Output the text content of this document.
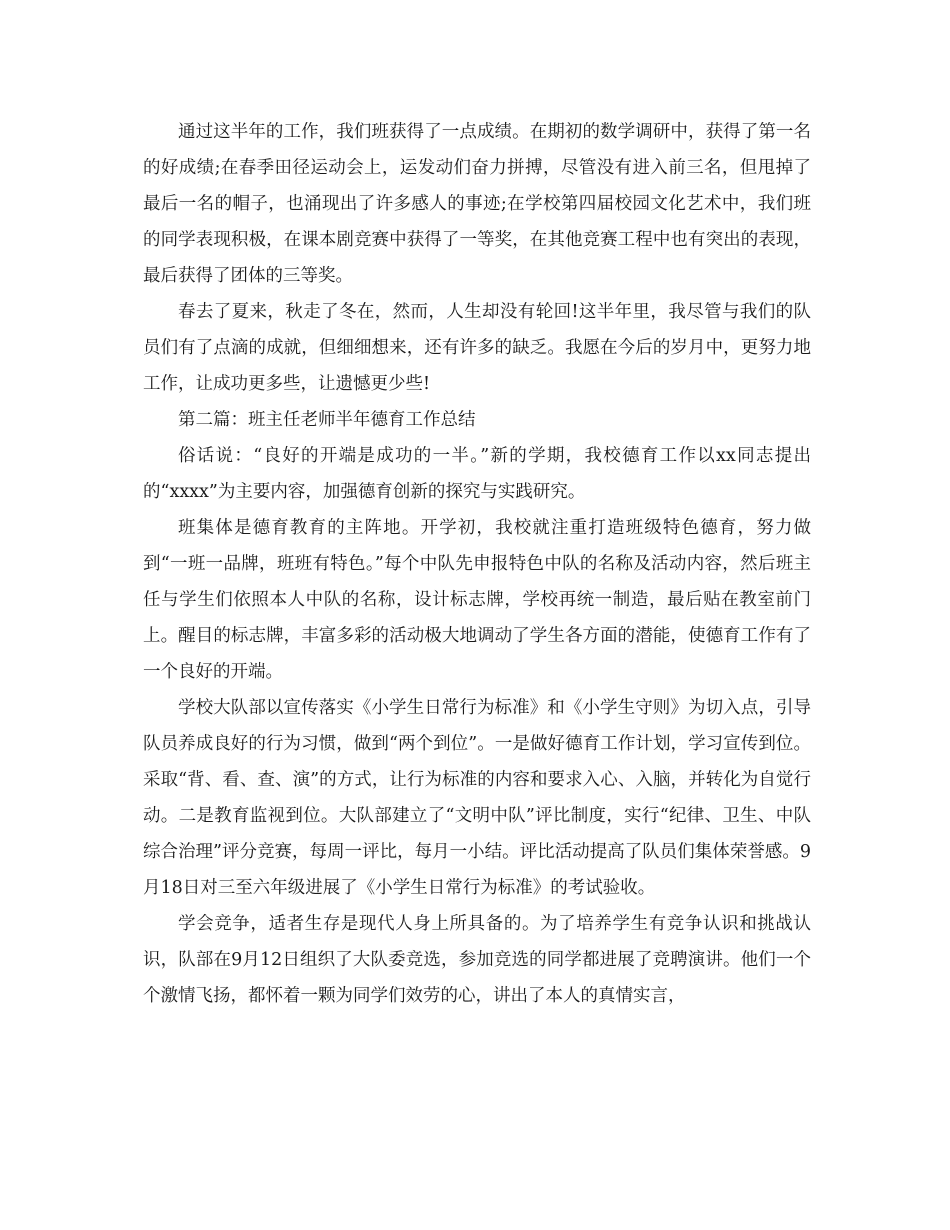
通过这半年的工作，我们班获得了一点成绩。在期初的数学调研中，获得了第一名的好成绩;在春季田径运动会上，运发动们奋力拼搏，尽管没有进入前三名，但甩掉了最后一名的帽子，也涌现出了许多感人的事迹;在学校第四届校园文化艺术中，我们班的同学表现积极，在课本剧竞赛中获得了一等奖，在其他竞赛工程中也有突出的表现，最后获得了团体的三等奖。

春去了夏来，秋走了冬在，然而，人生却没有轮回!这半年里，我尽管与我们的队员们有了点滴的成就，但细细想来，还有许多的缺乏。我愿在今后的岁月中，更努力地工作，让成功更多些，让遗憾更少些!

第二篇：班主任老师半年德育工作总结

俗话说：“良好的开端是成功的一半。”新的学期，我校德育工作以xx同志提出的“xxxx”为主要内容，加强德育创新的探究与实践研究。

班集体是德育教育的主阵地。开学初，我校就注重打造班级特色德育，努力做到“一班一品牌，班班有特色。”每个中队先申报特色中队的名称及活动内容，然后班主任与学生们依照本人中队的名称，设计标志牌，学校再统一制造，最后贴在教室前门上。醒目的标志牌，丰富多彩的活动极大地调动了学生各方面的潜能，使德育工作有了一个良好的开端。

学校大队部以宣传落实《小学生日常行为标准》和《小学生守则》为切入点，引导队员养成良好的行为习惯，做到“两个到位”。一是做好德育工作计划，学习宣传到位。采取“背、看、查、演”的方式，让行为标准的内容和要求入心、入脑，并转化为自觉行动。二是教育监视到位。大队部建立了“文明中队”评比制度，实行“纪律、卫生、中队综合治理”评分竞赛，每周一评比，每月一小结。评比活动提高了队员们集体荣誉感。9月18日对三至六年级进展了《小学生日常行为标准》的考试验收。

学会竞争，适者生存是现代人身上所具备的。为了培养学生有竞争认识和挑战认识，队部在9月12日组织了大队委竞选，参加竞选的同学都进展了竞聘演讲。他们一个个激情飞扬，都怀着一颗为同学们效劳的心，讲出了本人的真情实言，
